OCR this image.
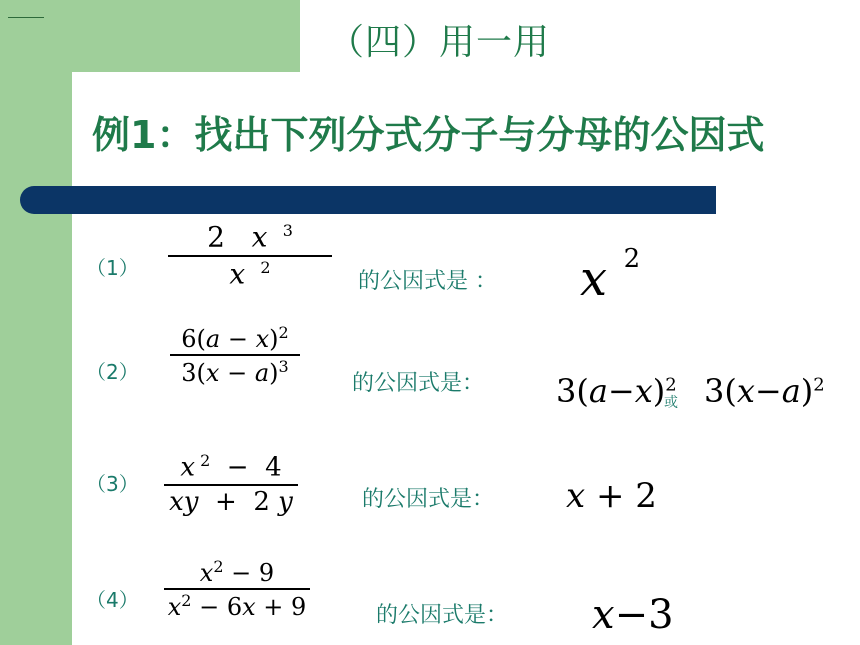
（四）用一用
例1：找出下列分式分子与分母的公因式
（1）
2   x   $^3$
x   $^2$
的公因式是 ： x  $^2$
（2）
$6(a - x)^2$
$3(x - a)^3$
的公因式是： $3(a-x)^2$
或 $3(x-a)^2$
（3）
x $^2$  −  4
xy  +  2 y	的公因式是： x + 2
（4）
$x^2 - 9$
$x^2 - 6x + 9$	的公因式是： x−3
